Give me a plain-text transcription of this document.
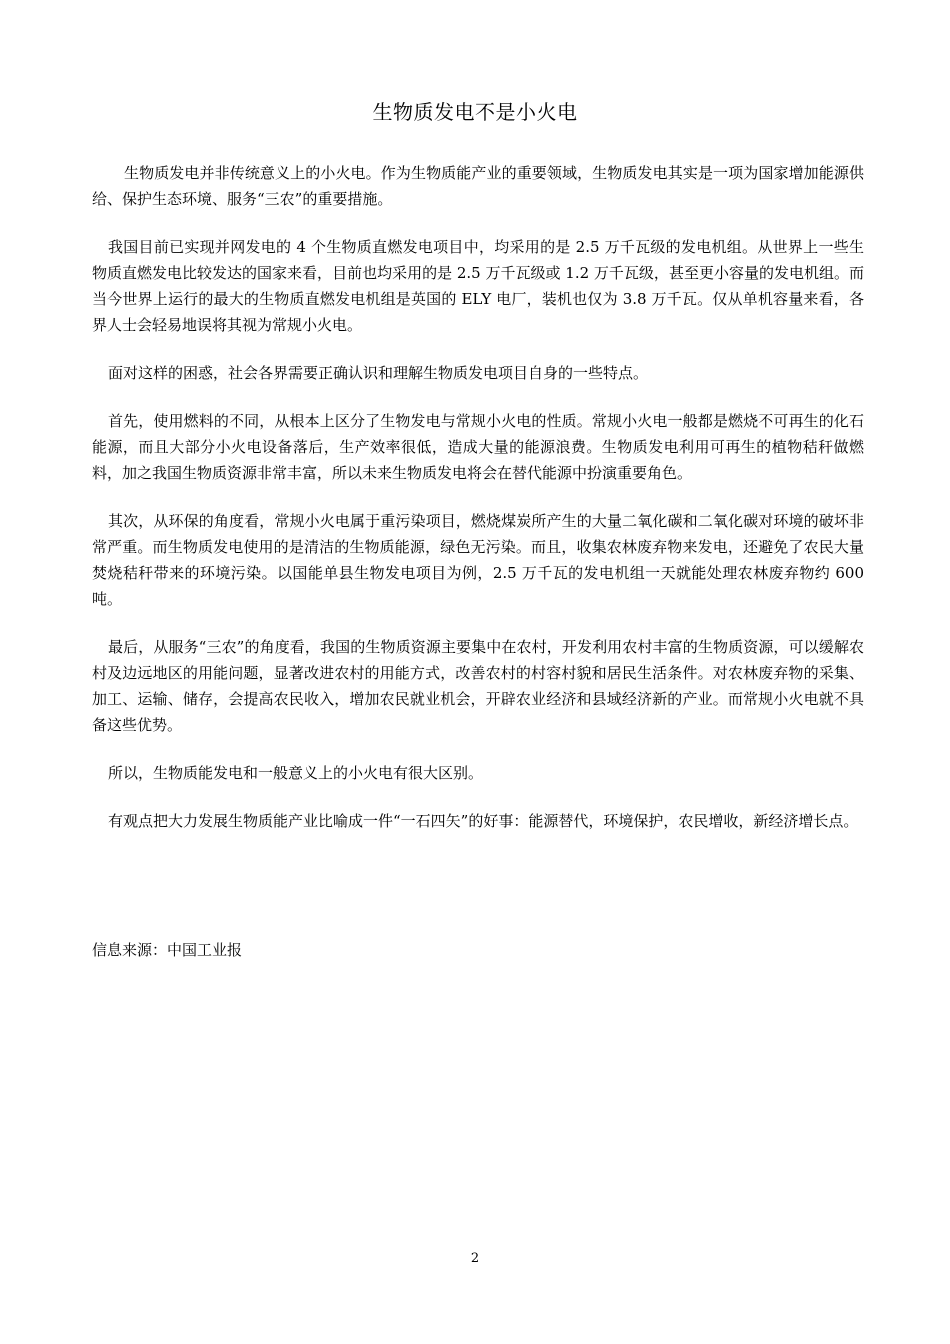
生物质发电不是小火电

生物质发电并非传统意义上的小火电。作为生物质能产业的重要领域，生物质发电其实是一项为国家增加能源供给、保护生态环境、服务“三农”的重要措施。

我国目前已实现并网发电的 4 个生物质直燃发电项目中，均采用的是 2.5 万千瓦级的发电机组。从世界上一些生物质直燃发电比较发达的国家来看，目前也均采用的是 2.5 万千瓦级或 1.2 万千瓦级，甚至更小容量的发电机组。而当今世界上运行的最大的生物质直燃发电机组是英国的 ELY 电厂，装机也仅为 3.8 万千瓦。仅从单机容量来看，各界人士会轻易地误将其视为常规小火电。

面对这样的困惑，社会各界需要正确认识和理解生物质发电项目自身的一些特点。

首先，使用燃料的不同，从根本上区分了生物发电与常规小火电的性质。常规小火电一般都是燃烧不可再生的化石能源，而且大部分小火电设备落后，生产效率很低，造成大量的能源浪费。生物质发电利用可再生的植物秸秆做燃料，加之我国生物质资源非常丰富，所以未来生物质发电将会在替代能源中扮演重要角色。

其次，从环保的角度看，常规小火电属于重污染项目，燃烧煤炭所产生的大量二氧化碳和二氧化碳对环境的破坏非常严重。而生物质发电使用的是清洁的生物质能源，绿色无污染。而且，收集农林废弃物来发电，还避免了农民大量焚烧秸秆带来的环境污染。以国能单县生物发电项目为例，2.5 万千瓦的发电机组一天就能处理农林废弃物约 600 吨。

最后，从服务“三农”的角度看，我国的生物质资源主要集中在农村，开发利用农村丰富的生物质资源，可以缓解农村及边远地区的用能问题，显著改进农村的用能方式，改善农村的村容村貌和居民生活条件。对农林废弃物的采集、加工、运输、储存，会提高农民收入，增加农民就业机会，开辟农业经济和县域经济新的产业。而常规小火电就不具备这些优势。

所以，生物质能发电和一般意义上的小火电有很大区别。

有观点把大力发展生物质能产业比喻成一件“一石四矢”的好事：能源替代，环境保护，农民增收，新经济增长点。

信息来源：中国工业报
2
